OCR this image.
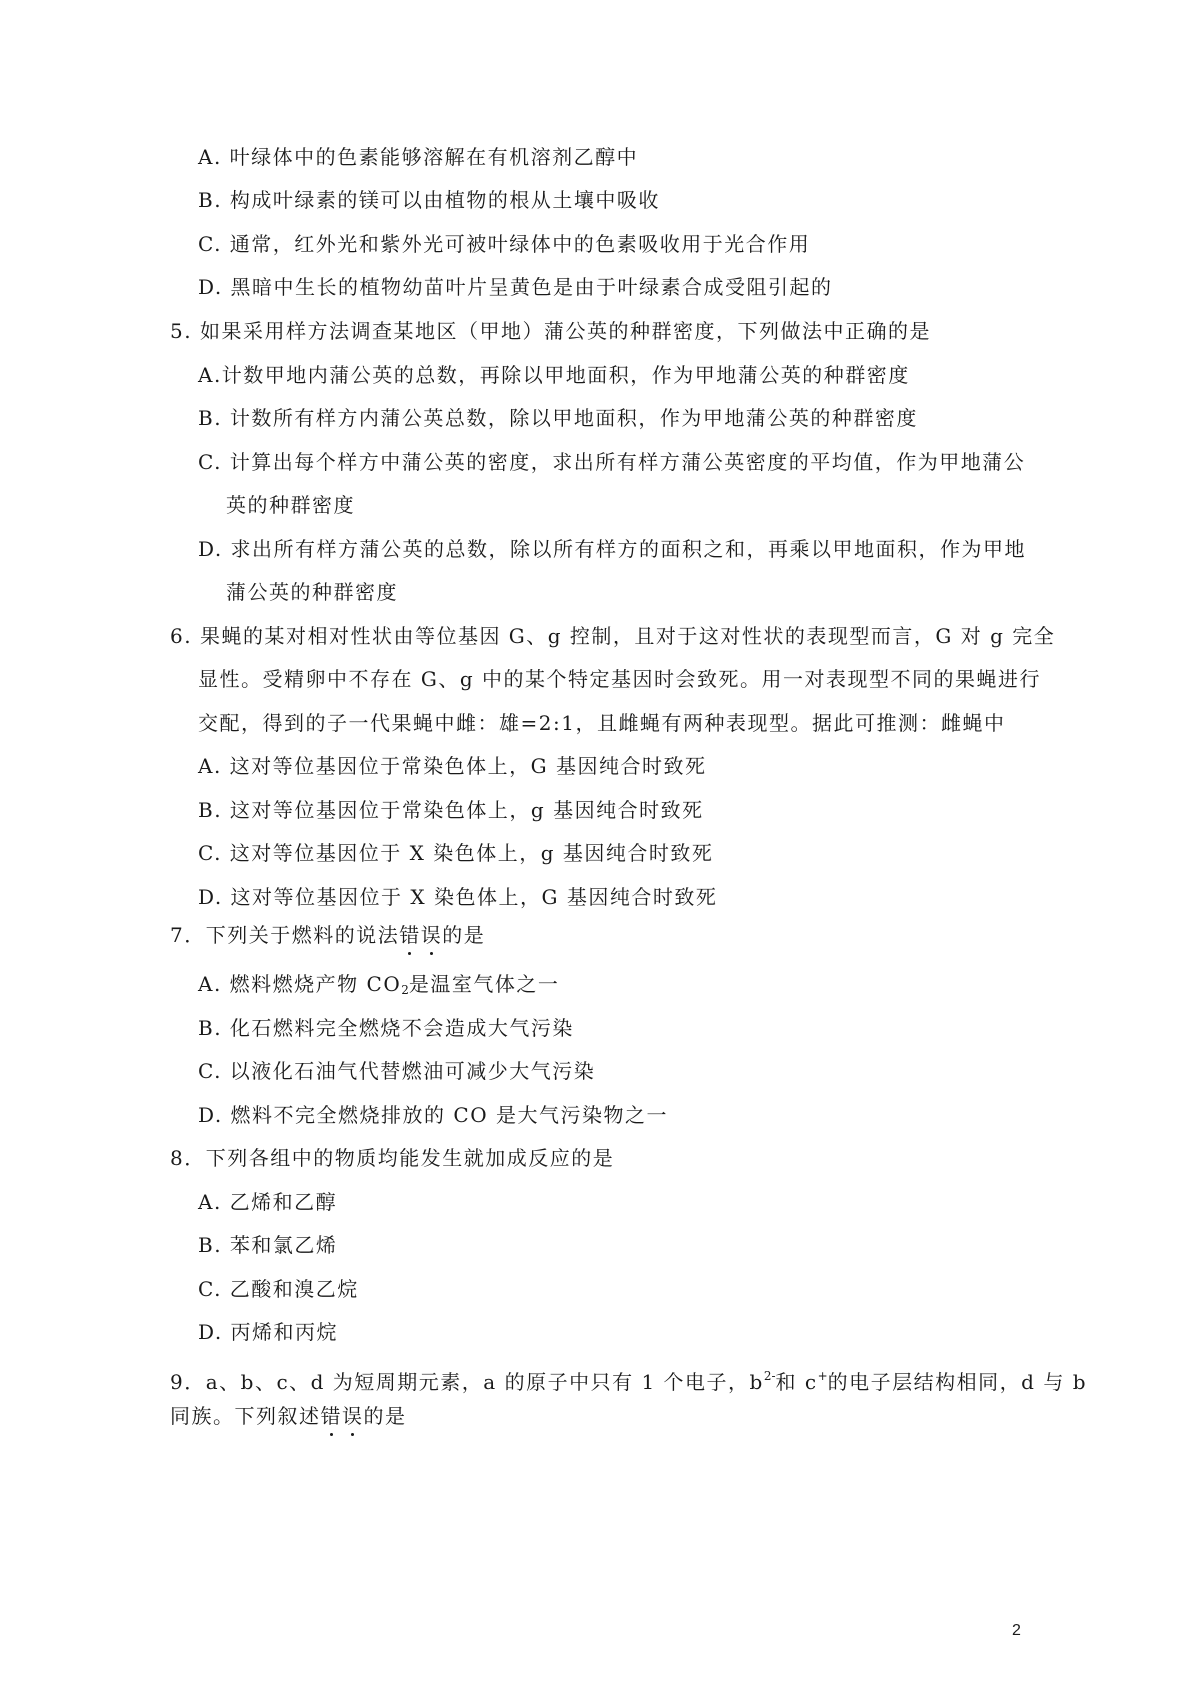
A. 叶绿体中的色素能够溶解在有机溶剂乙醇中
B. 构成叶绿素的镁可以由植物的根从土壤中吸收
C. 通常，红外光和紫外光可被叶绿体中的色素吸收用于光合作用
D. 黑暗中生长的植物幼苗叶片呈黄色是由于叶绿素合成受阻引起的
5. 如果采用样方法调查某地区（甲地）蒲公英的种群密度，下列做法中正确的是
A.计数甲地内蒲公英的总数，再除以甲地面积，作为甲地蒲公英的种群密度
B. 计数所有样方内蒲公英总数，除以甲地面积，作为甲地蒲公英的种群密度
C. 计算出每个样方中蒲公英的密度，求出所有样方蒲公英密度的平均值，作为甲地蒲公
英的种群密度
D. 求出所有样方蒲公英的总数，除以所有样方的面积之和，再乘以甲地面积，作为甲地
蒲公英的种群密度
6. 果蝇的某对相对性状由等位基因 G、g 控制，且对于这对性状的表现型而言，G 对 g 完全
显性。受精卵中不存在 G、g 中的某个特定基因时会致死。用一对表现型不同的果蝇进行
交配，得到的子一代果蝇中雌：雄=2:1，且雌蝇有两种表现型。据此可推测：雌蝇中
A. 这对等位基因位于常染色体上，G 基因纯合时致死
B. 这对等位基因位于常染色体上，g 基因纯合时致死
C. 这对等位基因位于 X 染色体上，g 基因纯合时致死
D. 这对等位基因位于 X 染色体上，G 基因纯合时致死
7．下列关于燃料的说法错误的是
A. 燃料燃烧产物 $CO_2$是温室气体之一
B. 化石燃料完全燃烧不会造成大气污染
C. 以液化石油气代替燃油可减少大气污染
D. 燃料不完全燃烧排放的 CO 是大气污染物之一
8．下列各组中的物质均能发生就加成反应的是
A. 乙烯和乙醇
B. 苯和氯乙烯
C. 乙酸和溴乙烷
D. 丙烯和丙烷
9．a、b、c、d 为短周期元素，a 的原子中只有 1 个电子，$b^{2-}$和 c+的电子层结构相同，d 与 b
同族。下列叙述错误的是
2
